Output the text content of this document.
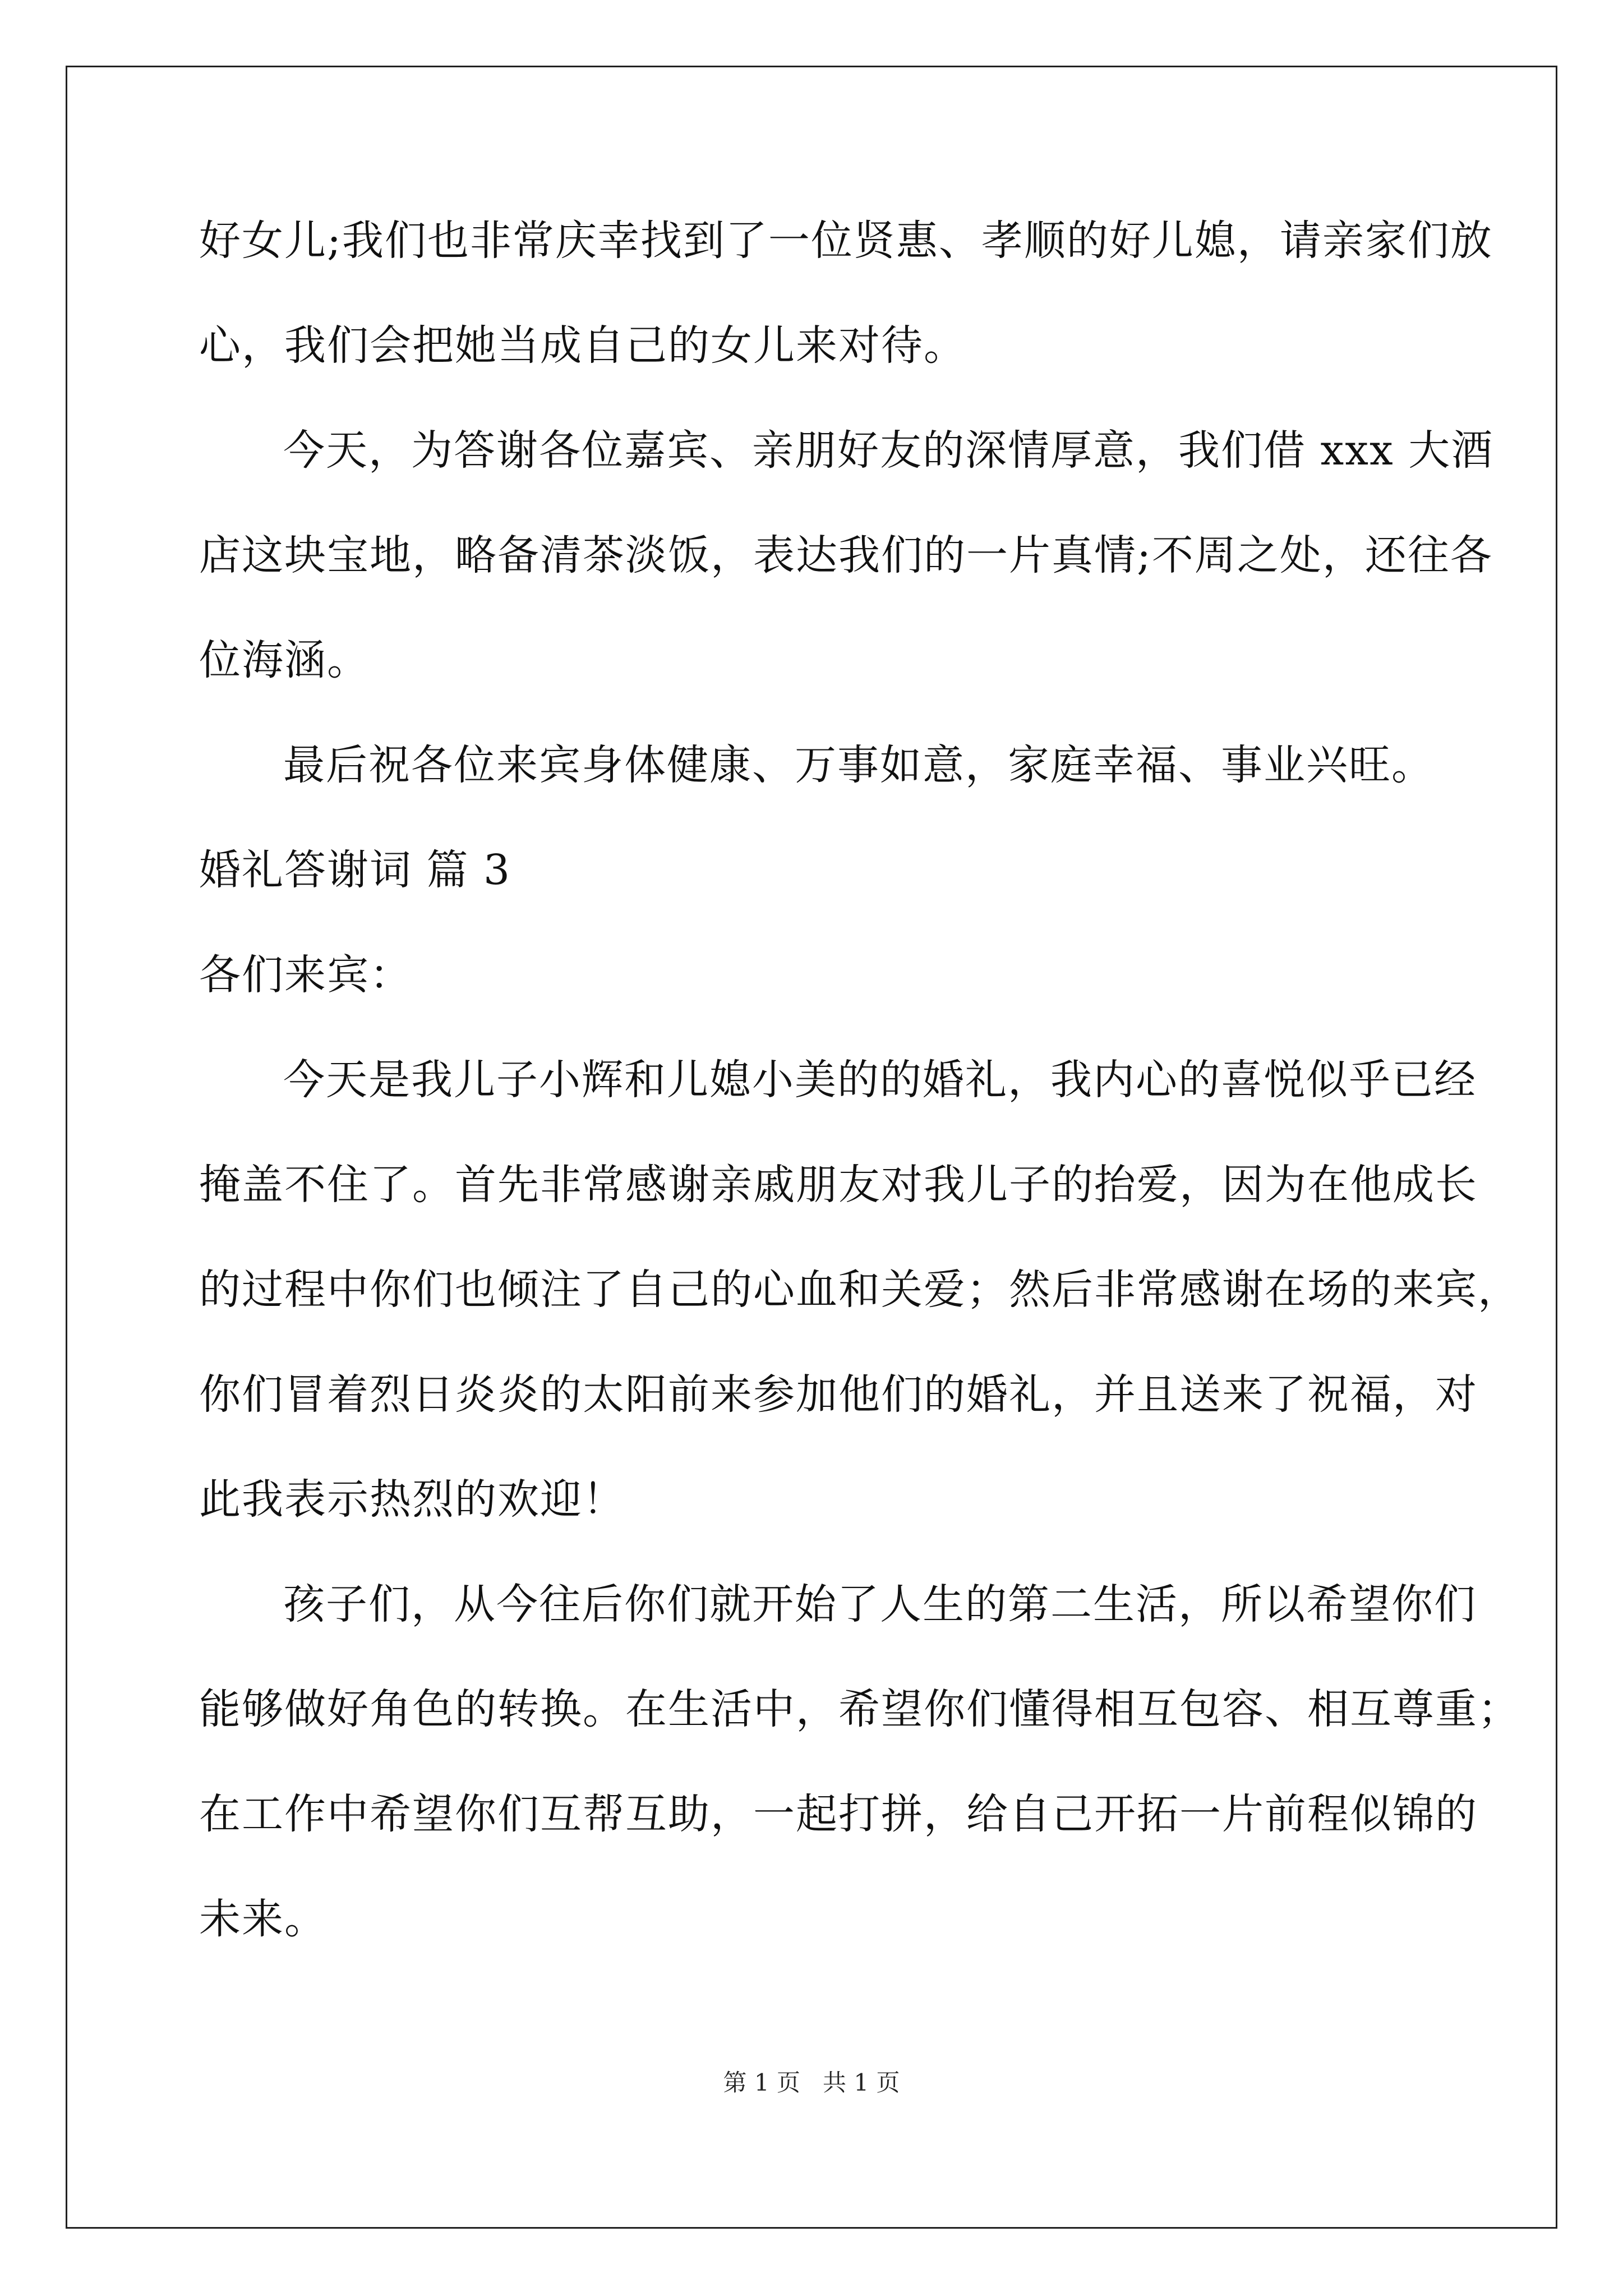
好女儿;我们也非常庆幸找到了一位贤惠、孝顺的好儿媳，请亲家们放
心，我们会把她当成自己的女儿来对待。
今天，为答谢各位嘉宾、亲朋好友的深情厚意，我们借 xxx 大酒
店这块宝地，略备清茶淡饭，表达我们的一片真情;不周之处，还往各
位海涵。
最后祝各位来宾身体健康、万事如意，家庭幸福、事业兴旺。
婚礼答谢词 篇 3
各们来宾：
今天是我儿子小辉和儿媳小美的的婚礼，我内心的喜悦似乎已经
掩盖不住了。首先非常感谢亲戚朋友对我儿子的抬爱，因为在他成长
的过程中你们也倾注了自己的心血和关爱；然后非常感谢在场的来宾，
你们冒着烈日炎炎的太阳前来参加他们的婚礼，并且送来了祝福，对
此我表示热烈的欢迎！
孩子们，从今往后你们就开始了人生的第二生活，所以希望你们
能够做好角色的转换。在生活中，希望你们懂得相互包容、相互尊重；
在工作中希望你们互帮互助，一起打拼，给自己开拓一片前程似锦的
未来。
第 1 页   共 1 页
